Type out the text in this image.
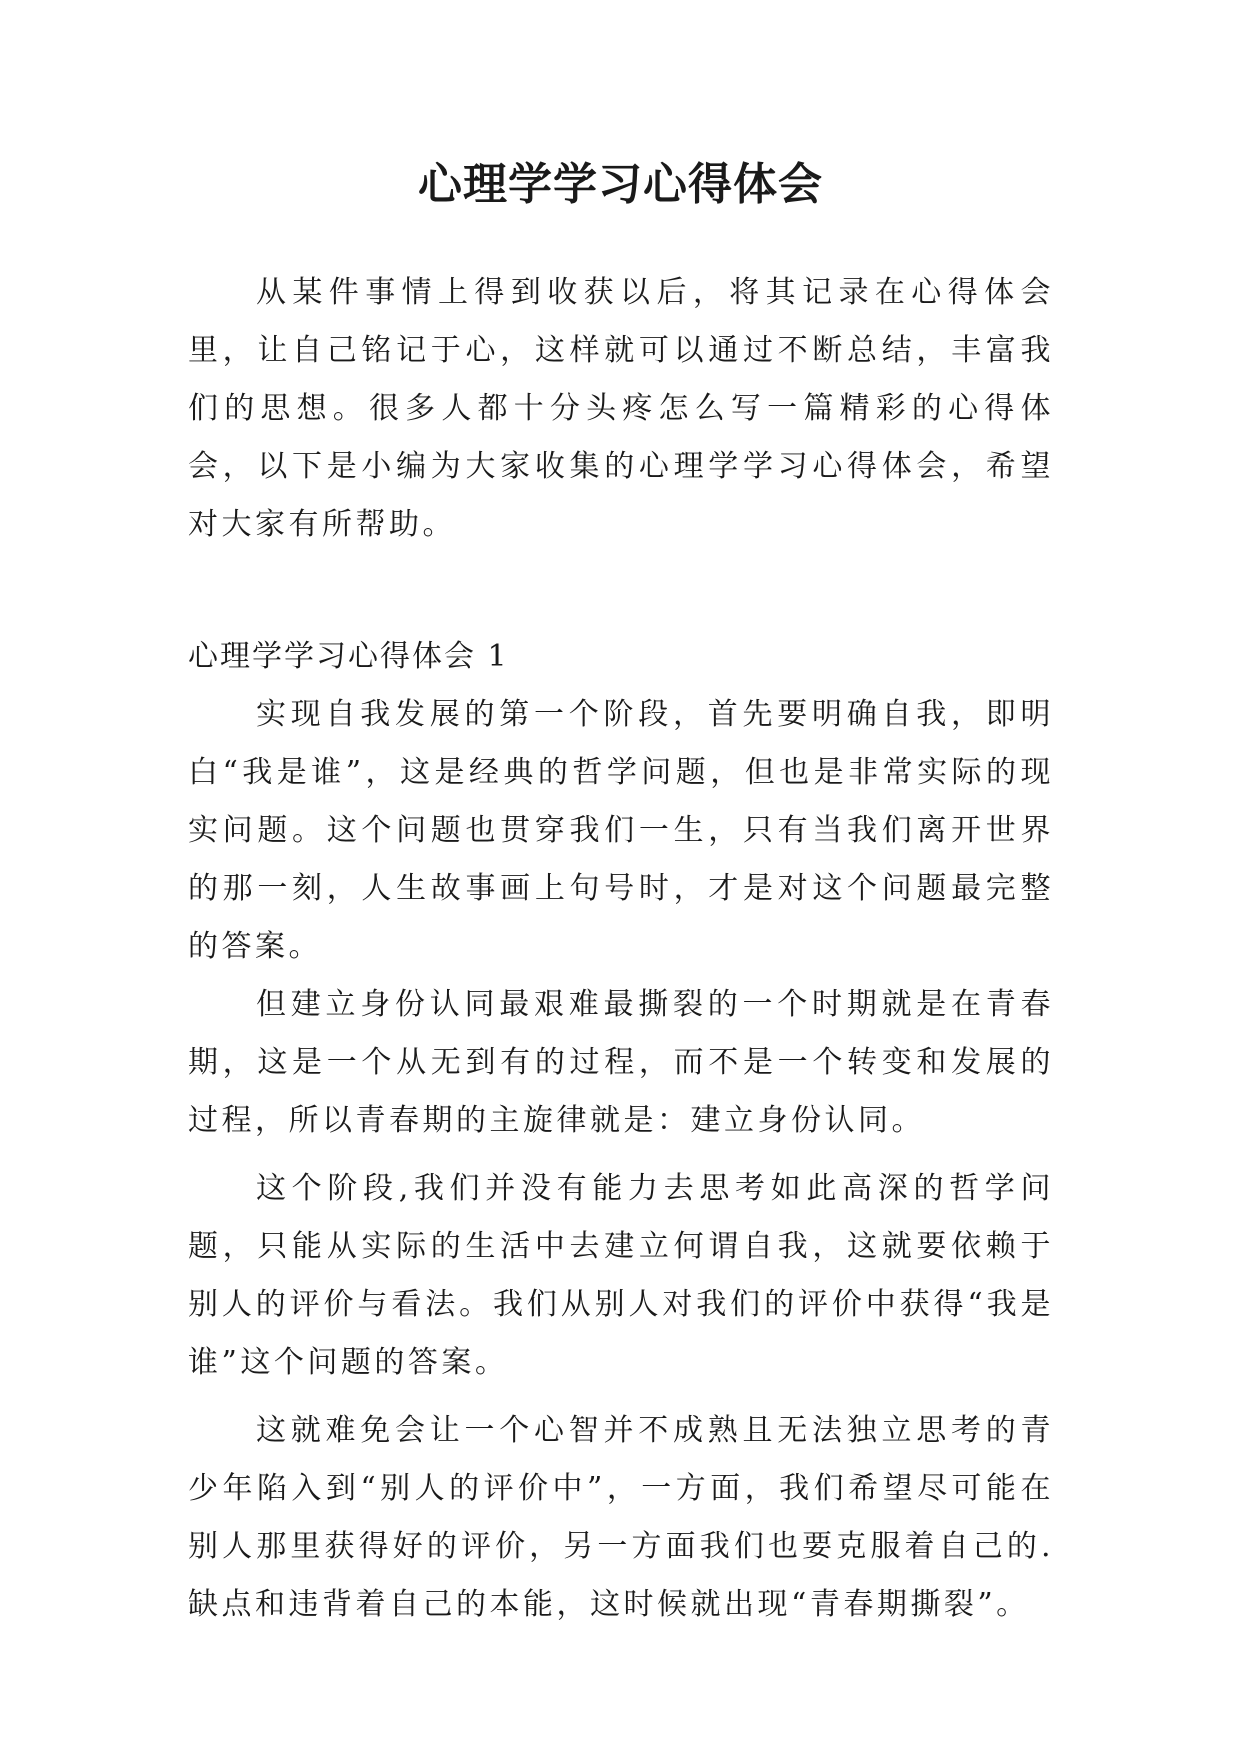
心理学学习心得体会

从某件事情上得到收获以后，将其记录在心得体会里，让自己铭记于心，这样就可以通过不断总结，丰富我们的思想。很多人都十分头疼怎么写一篇精彩的心得体会，以下是小编为大家收集的心理学学习心得体会，希望对大家有所帮助。

心理学学习心得体会 1

实现自我发展的第一个阶段，首先要明确自我，即明白“我是谁”，这是经典的哲学问题，但也是非常实际的现实问题。这个问题也贯穿我们一生，只有当我们离开世界的那一刻，人生故事画上句号时，才是对这个问题最完整的答案。

但建立身份认同最艰难最撕裂的一个时期就是在青春期，这是一个从无到有的过程，而不是一个转变和发展的过程，所以青春期的主旋律就是：建立身份认同。

这个阶段,我们并没有能力去思考如此高深的哲学问题，只能从实际的生活中去建立何谓自我，这就要依赖于别人的评价与看法。我们从别人对我们的评价中获得“我是谁”这个问题的答案。

这就难免会让一个心智并不成熟且无法独立思考的青少年陷入到“别人的评价中”，一方面，我们希望尽可能在别人那里获得好的评价，另一方面我们也要克服着自己的.缺点和违背着自己的本能，这时候就出现“青春期撕裂”。
